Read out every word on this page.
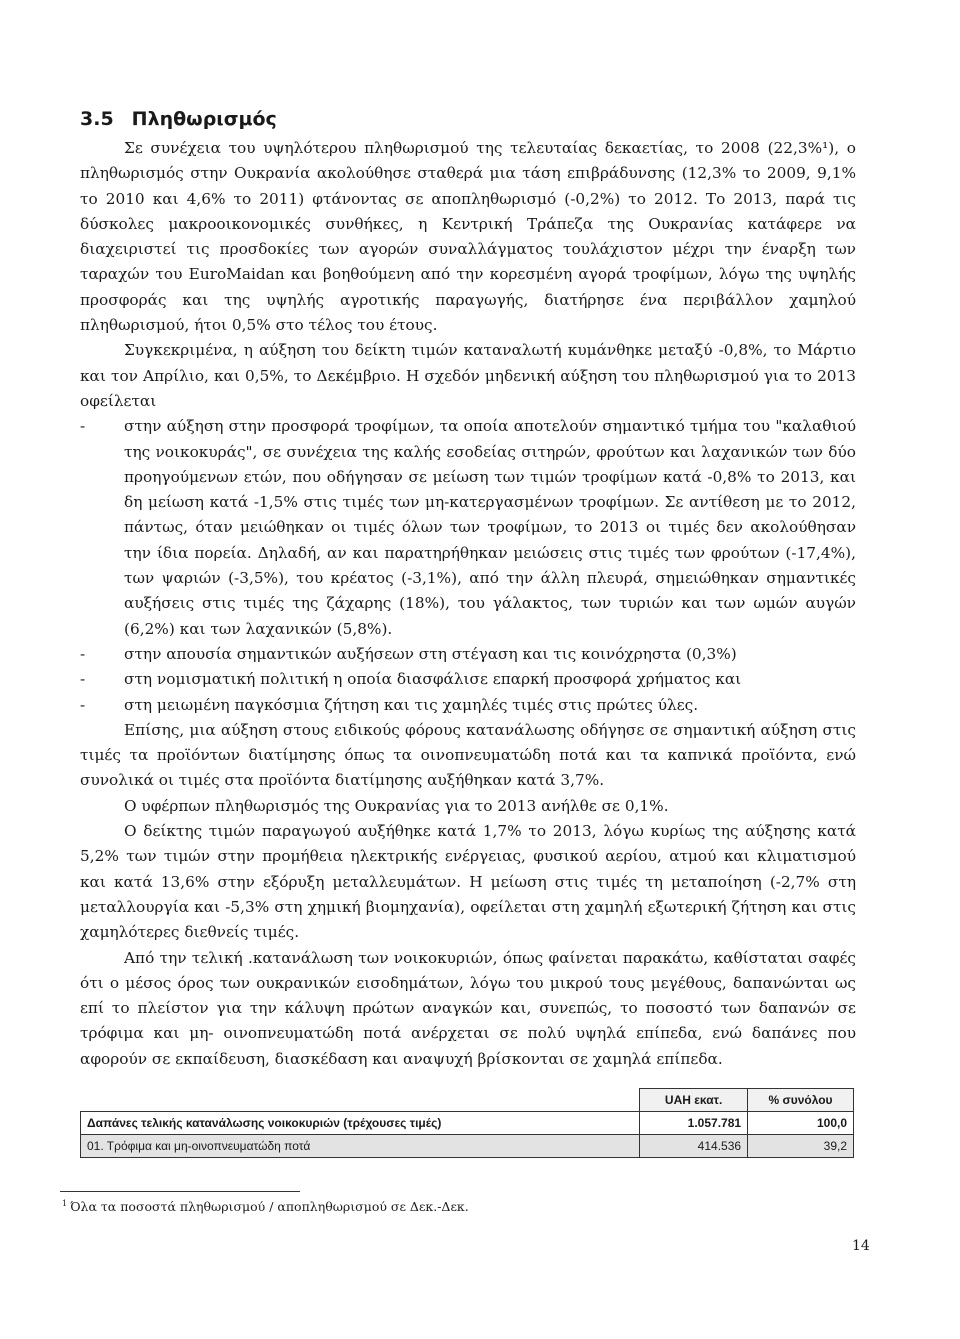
3.5 Πληθωρισμός

Σε συνέχεια του υψηλότερου πληθωρισμού της τελευταίας δεκαετίας, το 2008 (22,3%¹), ο πληθωρισμός στην Ουκρανία ακολούθησε σταθερά μια τάση επιβράδυνσης (12,3% το 2009, 9,1% το 2010 και 4,6% το 2011) φτάνοντας σε αποπληθωρισμό (-0,2%) το 2012. Το 2013, παρά τις δύσκολες μακροοικονομικές συνθήκες, η Κεντρική Τράπεζα της Ουκρανίας κατάφερε να διαχειριστεί τις προσδοκίες των αγορών συναλλάγματος τουλάχιστον μέχρι την έναρξη των ταραχών του EuroMaidan και βοηθούμενη από την κορεσμένη αγορά τροφίμων, λόγω της υψηλής προσφοράς και της υψηλής αγροτικής παραγωγής, διατήρησε ένα περιβάλλον χαμηλού πληθωρισμού, ήτοι 0,5% στο τέλος του έτους.

Συγκεκριμένα, η αύξηση του δείκτη τιμών καταναλωτή κυμάνθηκε μεταξύ -0,8%, το Μάρτιο και τον Απρίλιο, και 0,5%, το Δεκέμβριο. Η σχεδόν μηδενική αύξηση του πληθωρισμού για το 2013 οφείλεται

-	στην αύξηση στην προσφορά τροφίμων, τα οποία αποτελούν σημαντικό τμήμα του "καλαθιού της νοικοκυράς", σε συνέχεια της καλής εσοδείας σιτηρών, φρούτων και λαχανικών των δύο προηγούμενων ετών, που οδήγησαν σε μείωση των τιμών τροφίμων κατά -0,8% το 2013, και δη μείωση κατά -1,5% στις τιμές των μη-κατεργασμένων τροφίμων. Σε αντίθεση με το 2012, πάντως, όταν μειώθηκαν οι τιμές όλων των τροφίμων, το 2013 οι τιμές δεν ακολούθησαν την ίδια πορεία. Δηλαδή, αν και παρατηρήθηκαν μειώσεις στις τιμές των φρούτων (-17,4%), των ψαριών (-3,5%), του κρέατος (-3,1%), από την άλλη πλευρά, σημειώθηκαν σημαντικές αυξήσεις στις τιμές της ζάχαρης (18%), του γάλακτος, των τυριών και των ωμών αυγών (6,2%) και των λαχανικών (5,8%).
-	στην απουσία σημαντικών αυξήσεων στη στέγαση και τις κοινόχρηστα (0,3%)
-	στη νομισματική πολιτική η οποία διασφάλισε επαρκή προσφορά χρήματος και
-	στη μειωμένη παγκόσμια ζήτηση και τις χαμηλές τιμές στις πρώτες ύλες.

Επίσης, μια αύξηση στους ειδικούς φόρους κατανάλωσης οδήγησε σε σημαντική αύξηση στις τιμές τα προϊόντων διατίμησης όπως τα οινοπνευματώδη ποτά και τα καπνικά προϊόντα, ενώ συνολικά οι τιμές στα προϊόντα διατίμησης αυξήθηκαν κατά 3,7%.

Ο υφέρπων πληθωρισμός της Ουκρανίας για το 2013 ανήλθε σε 0,1%.

Ο δείκτης τιμών παραγωγού αυξήθηκε κατά 1,7% το 2013, λόγω κυρίως της αύξησης κατά 5,2% των τιμών στην προμήθεια ηλεκτρικής ενέργειας, φυσικού αερίου, ατμού και κλιματισμού και κατά 13,6% στην εξόρυξη μεταλλευμάτων. Η μείωση στις τιμές τη μεταποίηση (-2,7% στη μεταλλουργία και -5,3% στη χημική βιομηχανία), οφείλεται στη χαμηλή εξωτερική ζήτηση και στις χαμηλότερες διεθνείς τιμές.

Από την τελική .κατανάλωση των νοικοκυριών, όπως φαίνεται παρακάτω, καθίσταται σαφές ότι ο μέσος όρος των ουκρανικών εισοδημάτων, λόγω του μικρού τους μεγέθους, δαπανώνται ως επί το πλείστον για την κάλυψη πρώτων αναγκών και, συνεπώς, το ποσοστό των δαπανών σε τρόφιμα και μη- οινοπνευματώδη ποτά ανέρχεται σε πολύ υψηλά επίπεδα, ενώ δαπάνες που αφορούν σε εκπαίδευση, διασκέδαση και αναψυχή βρίσκονται σε χαμηλά επίπεδα.

	UAH εκατ.	% συνόλου
Δαπάνες τελικής κατανάλωσης νοικοκυριών (τρέχουσες τιμές)	1.057.781	100,0
01. Τρόφιμα και μη-οινοπνευματώδη ποτά	414.536	39,2
$^1$ Όλα τα ποσοστά πληθωρισμού / αποπληθωρισμού σε Δεκ.-Δεκ.
14
